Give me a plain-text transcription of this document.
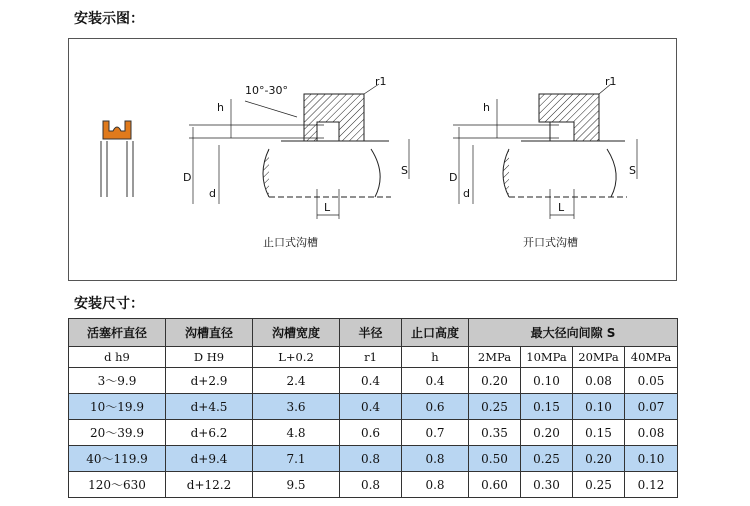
安装示图：
10°-30°
r1
h
D
d
L
S
r1
h
D
d
L
S
止口式沟槽	开口式沟槽
安装尺寸：
活塞杆直径	沟槽直径	沟槽宽度	半径	止口高度	最大径向间隙 S			
d h9	D H9	L+0.2	r1	h	2MPa	10MPa	20MPa	40MPa
3～9.9	d+2.9	2.4	0.4	0.4	0.20	0.10	0.08	0.05
10～19.9	d+4.5	3.6	0.4	0.6	0.25	0.15	0.10	0.07
20～39.9	d+6.2	4.8	0.6	0.7	0.35	0.20	0.15	0.08
40～119.9	d+9.4	7.1	0.8	0.8	0.50	0.25	0.20	0.10
120～630	d+12.2	9.5	0.8	0.8	0.60	0.30	0.25	0.12
